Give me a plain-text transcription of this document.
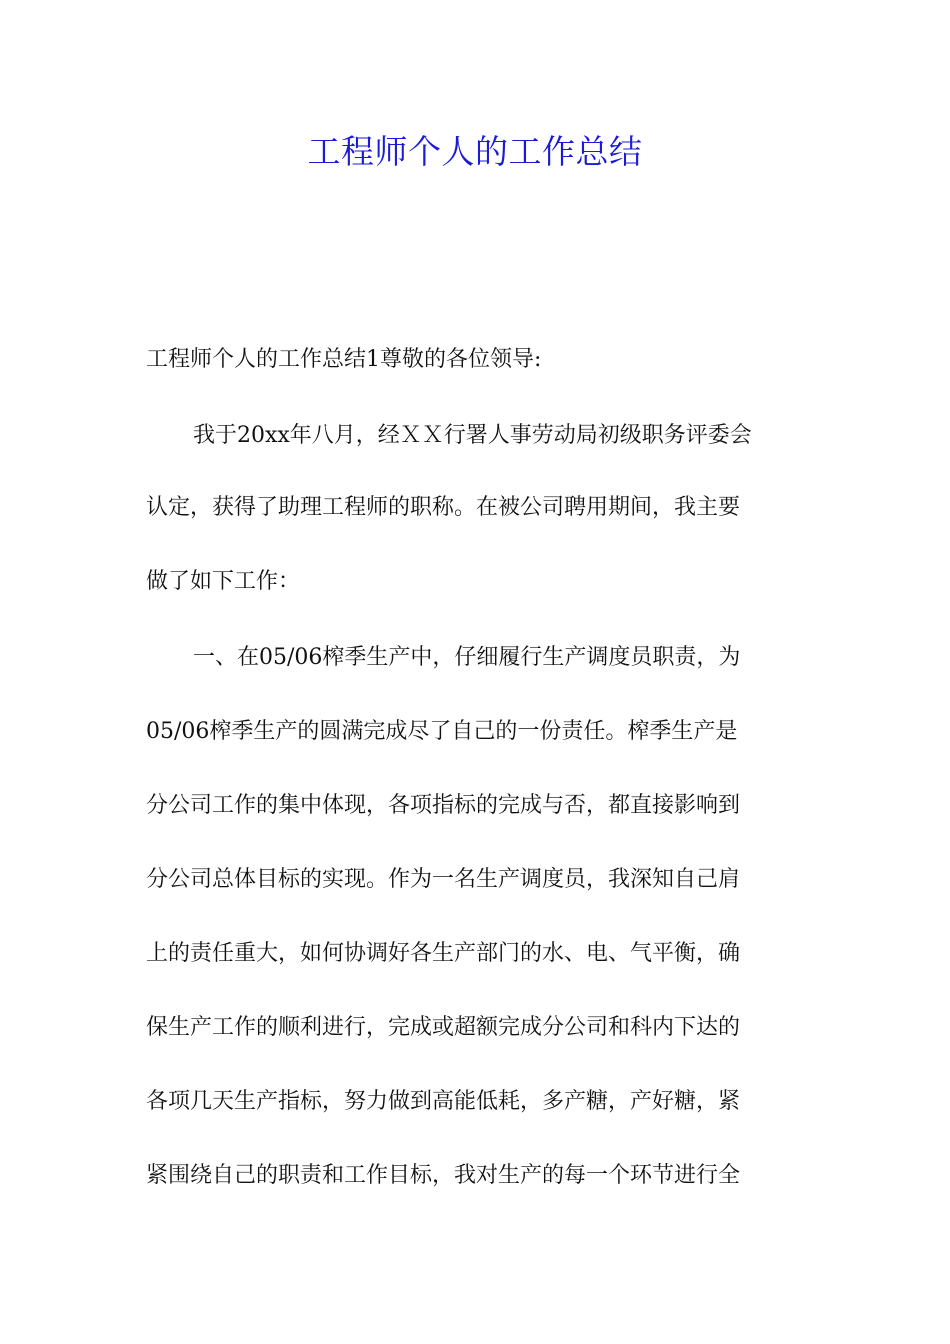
工程师个人的工作总结
工程师个人的工作总结1尊敬的各位领导:
我于20xx年八月，经ＸＸ行署人事劳动局初级职务评委会
认定，获得了助理工程师的职称。在被公司聘用期间，我主要
做了如下工作：
一、在05/06榨季生产中，仔细履行生产调度员职责，为
05/06榨季生产的圆满完成尽了自己的一份责任。榨季生产是
分公司工作的集中体现，各项指标的完成与否，都直接影响到
分公司总体目标的实现。作为一名生产调度员，我深知自己肩
上的责任重大，如何协调好各生产部门的水、电、气平衡，确
保生产工作的顺利进行，完成或超额完成分公司和科内下达的
各项几天生产指标，努力做到高能低耗，多产糖，产好糖，紧
紧围绕自己的职责和工作目标，我对生产的每一个环节进行全
